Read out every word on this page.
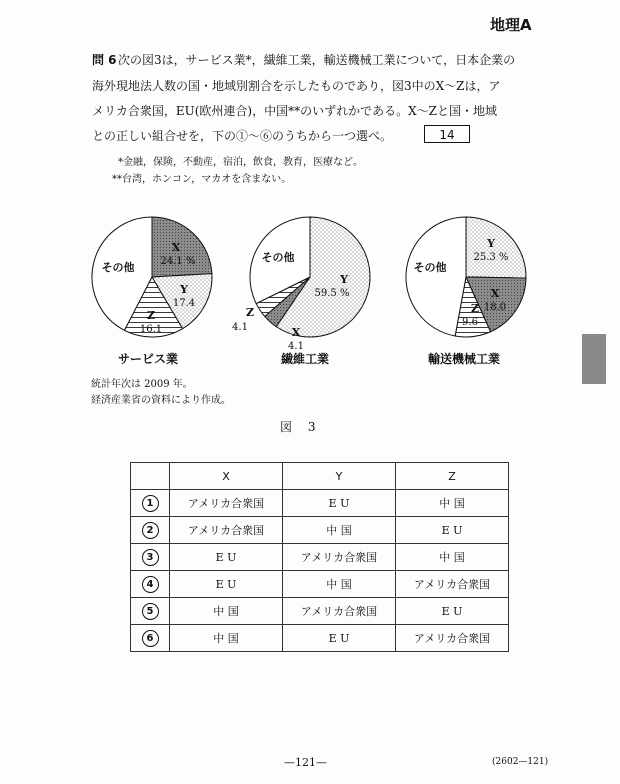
地理A
問 6 次の図3は，サービス業*，繊維工業，輸送機械工業について，日本企業の
海外現地法人数の国・地域別割合を示したものであり，図3中のX～Zは，ア
メリカ合衆国，EU(欧州連合)，中国**のいずれかである。X～Zと国・地域
との正しい組合せを，下の①～⑥のうちから一つ選べ。	14
*金融，保険，不動産，宿泊，飲食，教育，医療など。
**台湾，ホンコン，マカオを含まない。
X
24.1 %
Y
17.4
Z
16.1
その他
Y
59.5 %
X
4.1
Z
4.1
その他
Y
25.3 %
X
18.0
Z
9.6
その他
サービス業	繊維工業	輸送機械工業
統計年次は 2009 年。
経済産業省の資料により作成。
図 3
	X	Y	Z
1	アメリカ合衆国	E U	中 国
2	アメリカ合衆国	中 国	E U
3	E U	アメリカ合衆国	中 国
4	E U	中 国	アメリカ合衆国
5	中 国	アメリカ合衆国	E U
6	中 国	E U	アメリカ合衆国
—121—	(2602—121)
